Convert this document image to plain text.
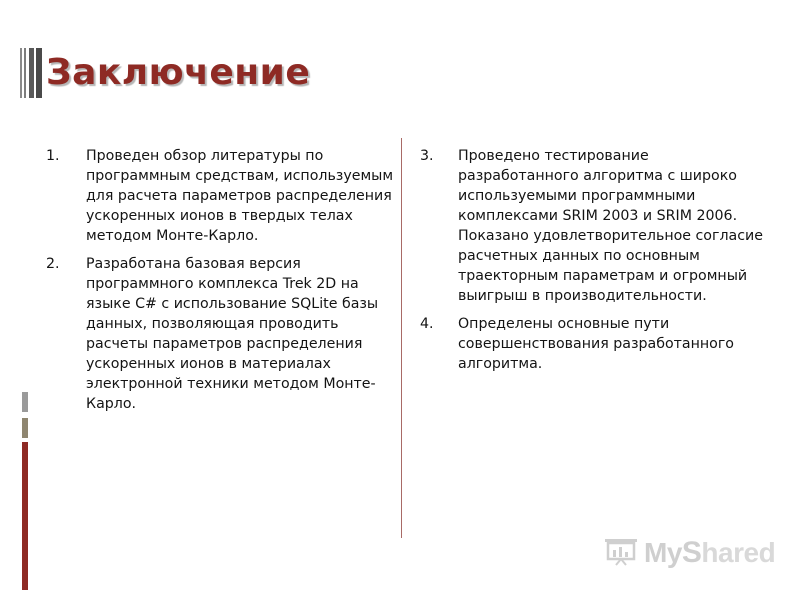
Заключение
1.	Проведен обзор литературы по программным средствам, используемым для расчета параметров распределения ускоренных ионов в твердых телах методом Монте-Карло.
2.	Разработана базовая версия программного комплекса Trek 2D на языке C# с использование SQLite базы данных, позволяющая проводить расчеты параметров распределения ускоренных ионов в материалах электронной техники методом Монте-Карло.
3.	Проведено тестирование разработанного алгоритма с широко используемыми программными комплексами SRIM 2003 и SRIM 2006. Показано удовлетворительное согласие расчетных данных по основным траекторным параметрам и огромный выигрыш в производительности.
4.	Определены основные пути совершенствования разработанного алгоритма.
MyShared
